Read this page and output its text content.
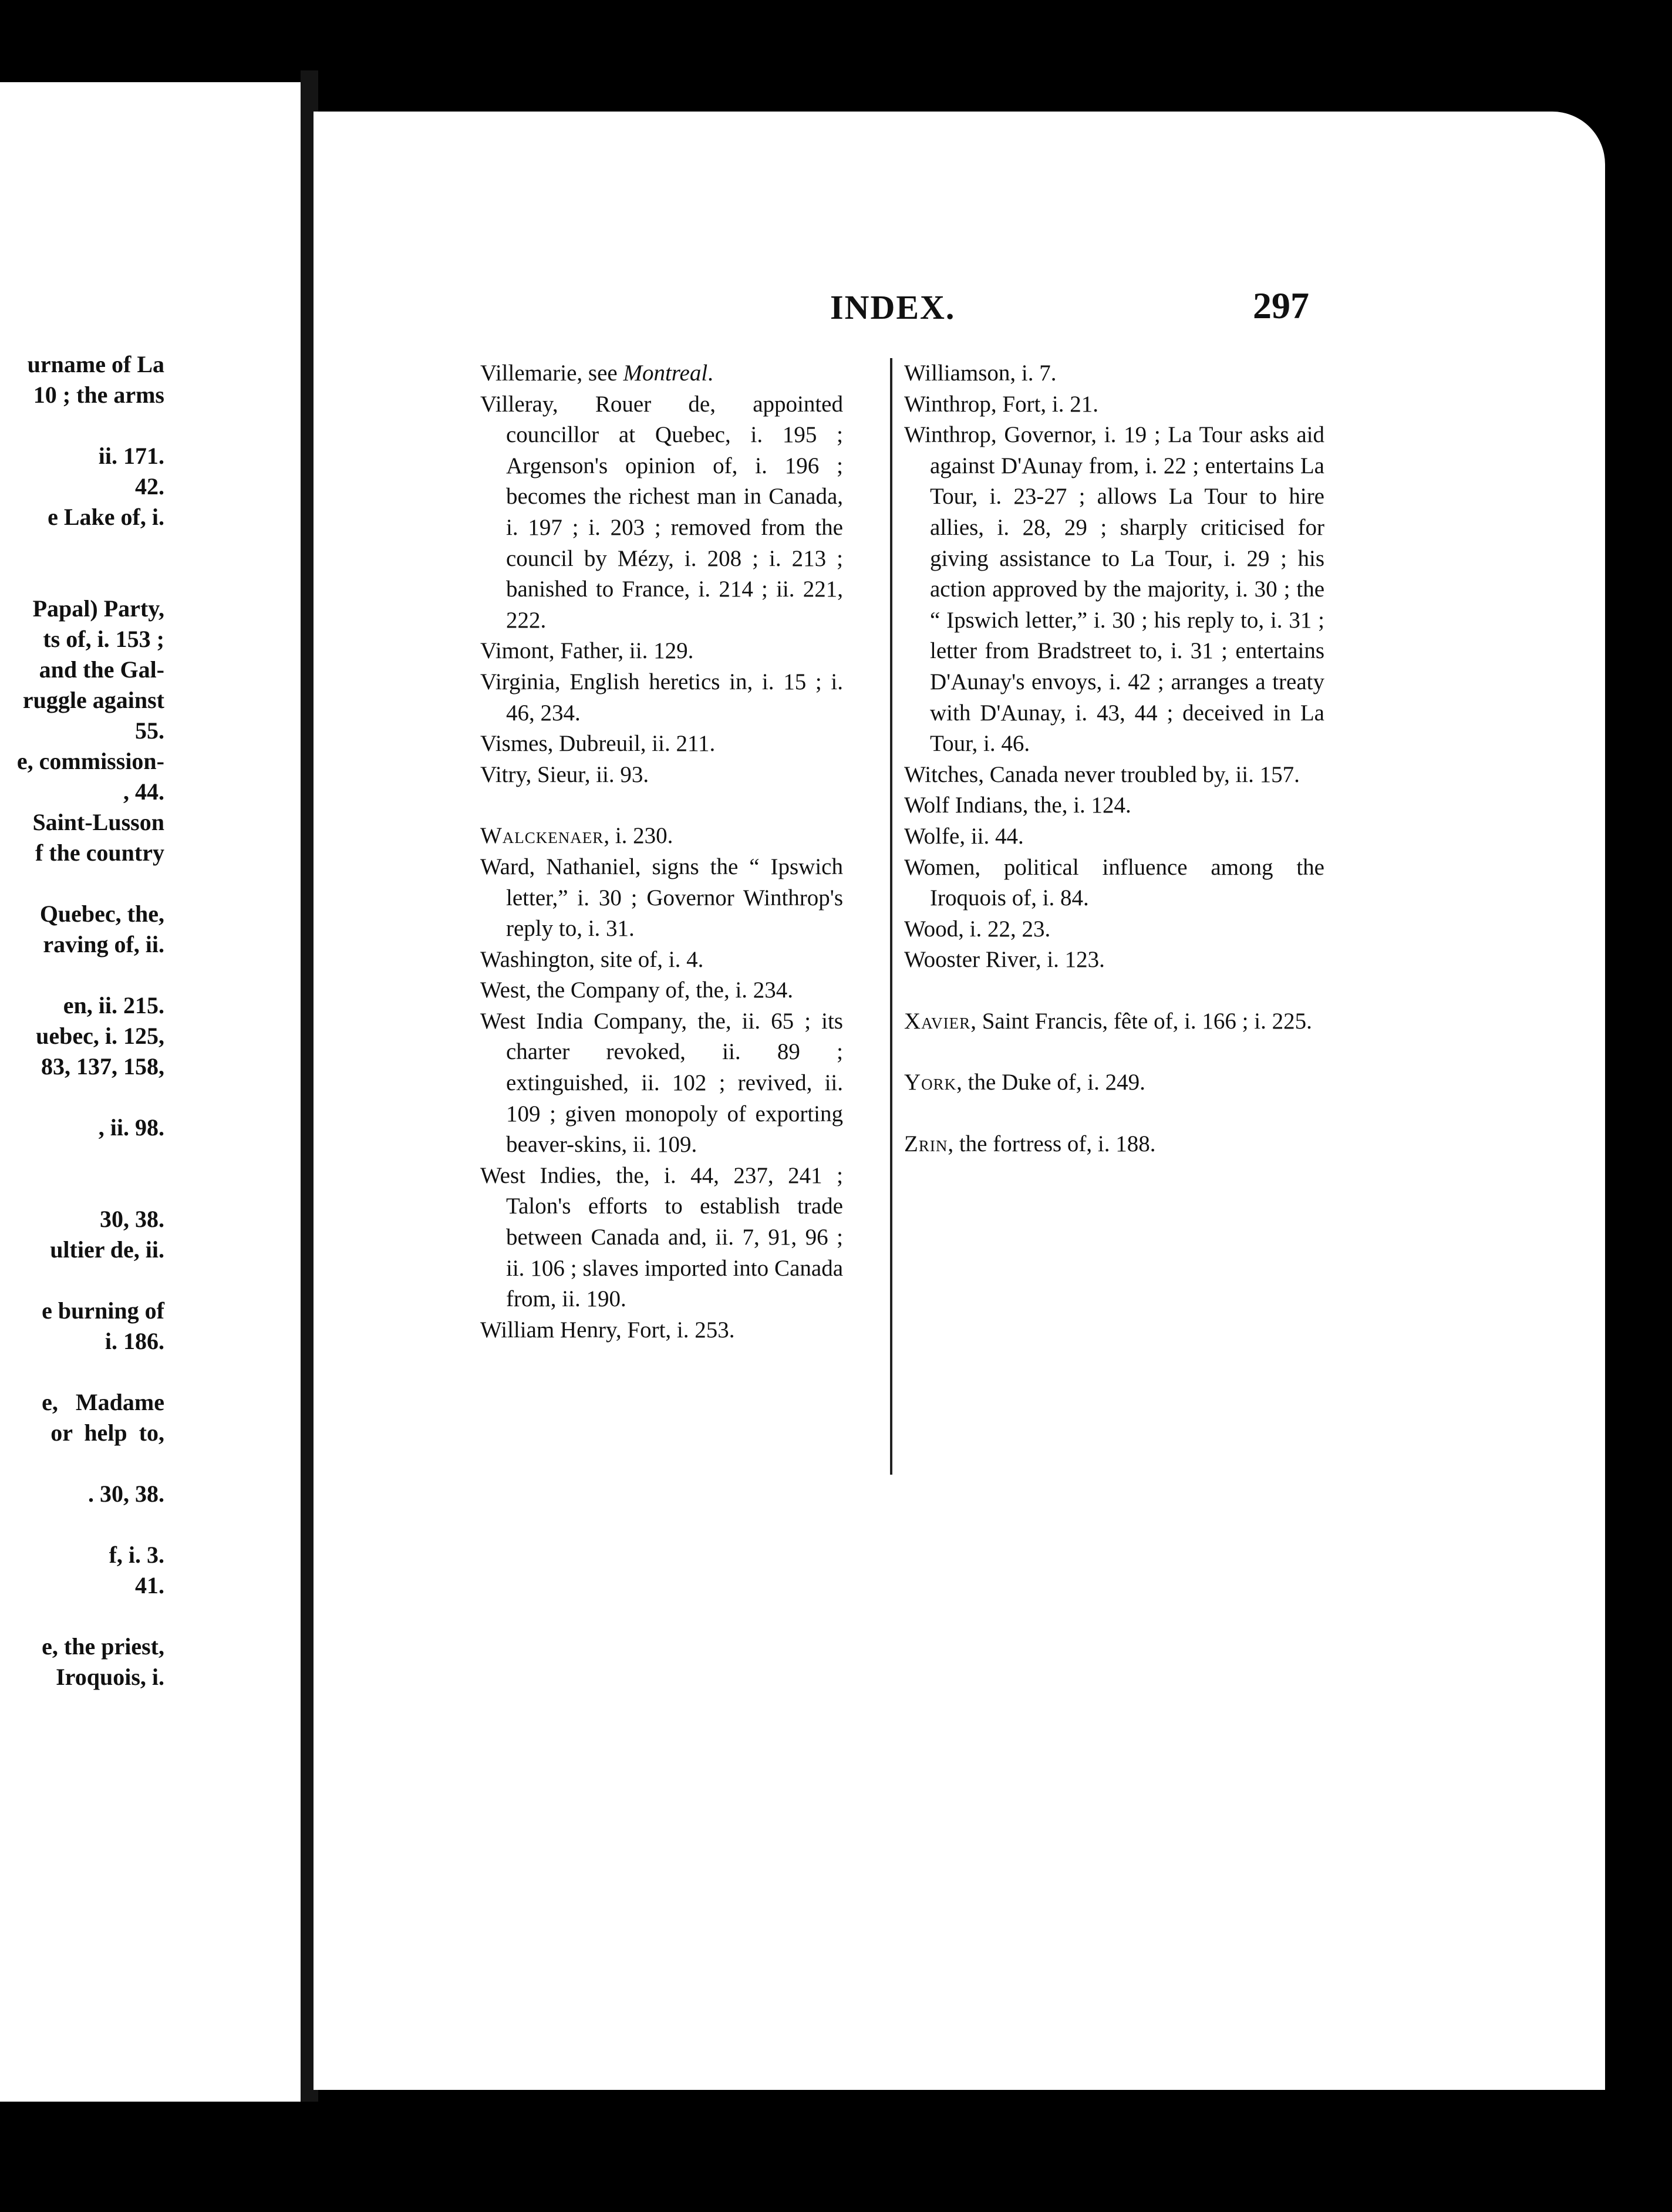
urname of La
10 ; the arms

ii. 171.
42.
e Lake of, i.

Papal) Party,
ts of, i. 153 ;
and the Gal-
ruggle against
55.
e, commission-
, 44.
Saint-Lusson
f the country

Quebec, the,
raving of, ii.

en, ii. 215.
uebec, i. 125,
83, 137, 158,

, ii. 98.

30, 38.
ultier de, ii.

e burning of
i. 186.

e,   Madame
or  help  to,

. 30, 38.

f, i. 3.
41.

e, the priest,
Iroquois, i.
INDEX.	297

Villemarie, see Montreal.

Villeray, Rouer de, appointed councillor at Quebec, i. 195 ; Argenson's opinion of, i. 196 ; becomes the richest man in Canada, i. 197 ; i. 203 ; removed from the council by Mézy, i. 208 ; i. 213 ; banished to France, i. 214 ; ii. 221, 222.

Vimont, Father, ii. 129.

Virginia, English heretics in, i. 15 ; i. 46, 234.

Vismes, Dubreuil, ii. 211.

Vitry, Sieur, ii. 93.

Walckenaer, i. 230.

Ward, Nathaniel, signs the “ Ipswich letter,” i. 30 ; Governor Winthrop's reply to, i. 31.

Washington, site of, i. 4.

West, the Company of, the, i. 234.

West India Company, the, ii. 65 ; its charter revoked, ii. 89 ; extinguished, ii. 102 ; revived, ii. 109 ; given monopoly of exporting beaver-skins, ii. 109.

West Indies, the, i. 44, 237, 241 ; Talon's efforts to establish trade between Canada and, ii. 7, 91, 96 ; ii. 106 ; slaves imported into Canada from, ii. 190.

William Henry, Fort, i. 253.

Williamson, i. 7.

Winthrop, Fort, i. 21.

Winthrop, Governor, i. 19 ; La Tour asks aid against D'Aunay from, i. 22 ; entertains La Tour, i. 23-27 ; allows La Tour to hire allies, i. 28, 29 ; sharply criticised for giving assistance to La Tour, i. 29 ; his action approved by the majority, i. 30 ; the “ Ipswich letter,” i. 30 ; his reply to, i. 31 ; letter from Bradstreet to, i. 31 ; entertains D'Aunay's envoys, i. 42 ; arranges a treaty with D'Aunay, i. 43, 44 ; deceived in La Tour, i. 46.

Witches, Canada never troubled by, ii. 157.

Wolf Indians, the, i. 124.

Wolfe, ii. 44.

Women, political influence among the Iroquois of, i. 84.

Wood, i. 22, 23.

Wooster River, i. 123.

Xavier, Saint Francis, fête of, i. 166 ; i. 225.

York, the Duke of, i. 249.

Zrin, the fortress of, i. 188.
